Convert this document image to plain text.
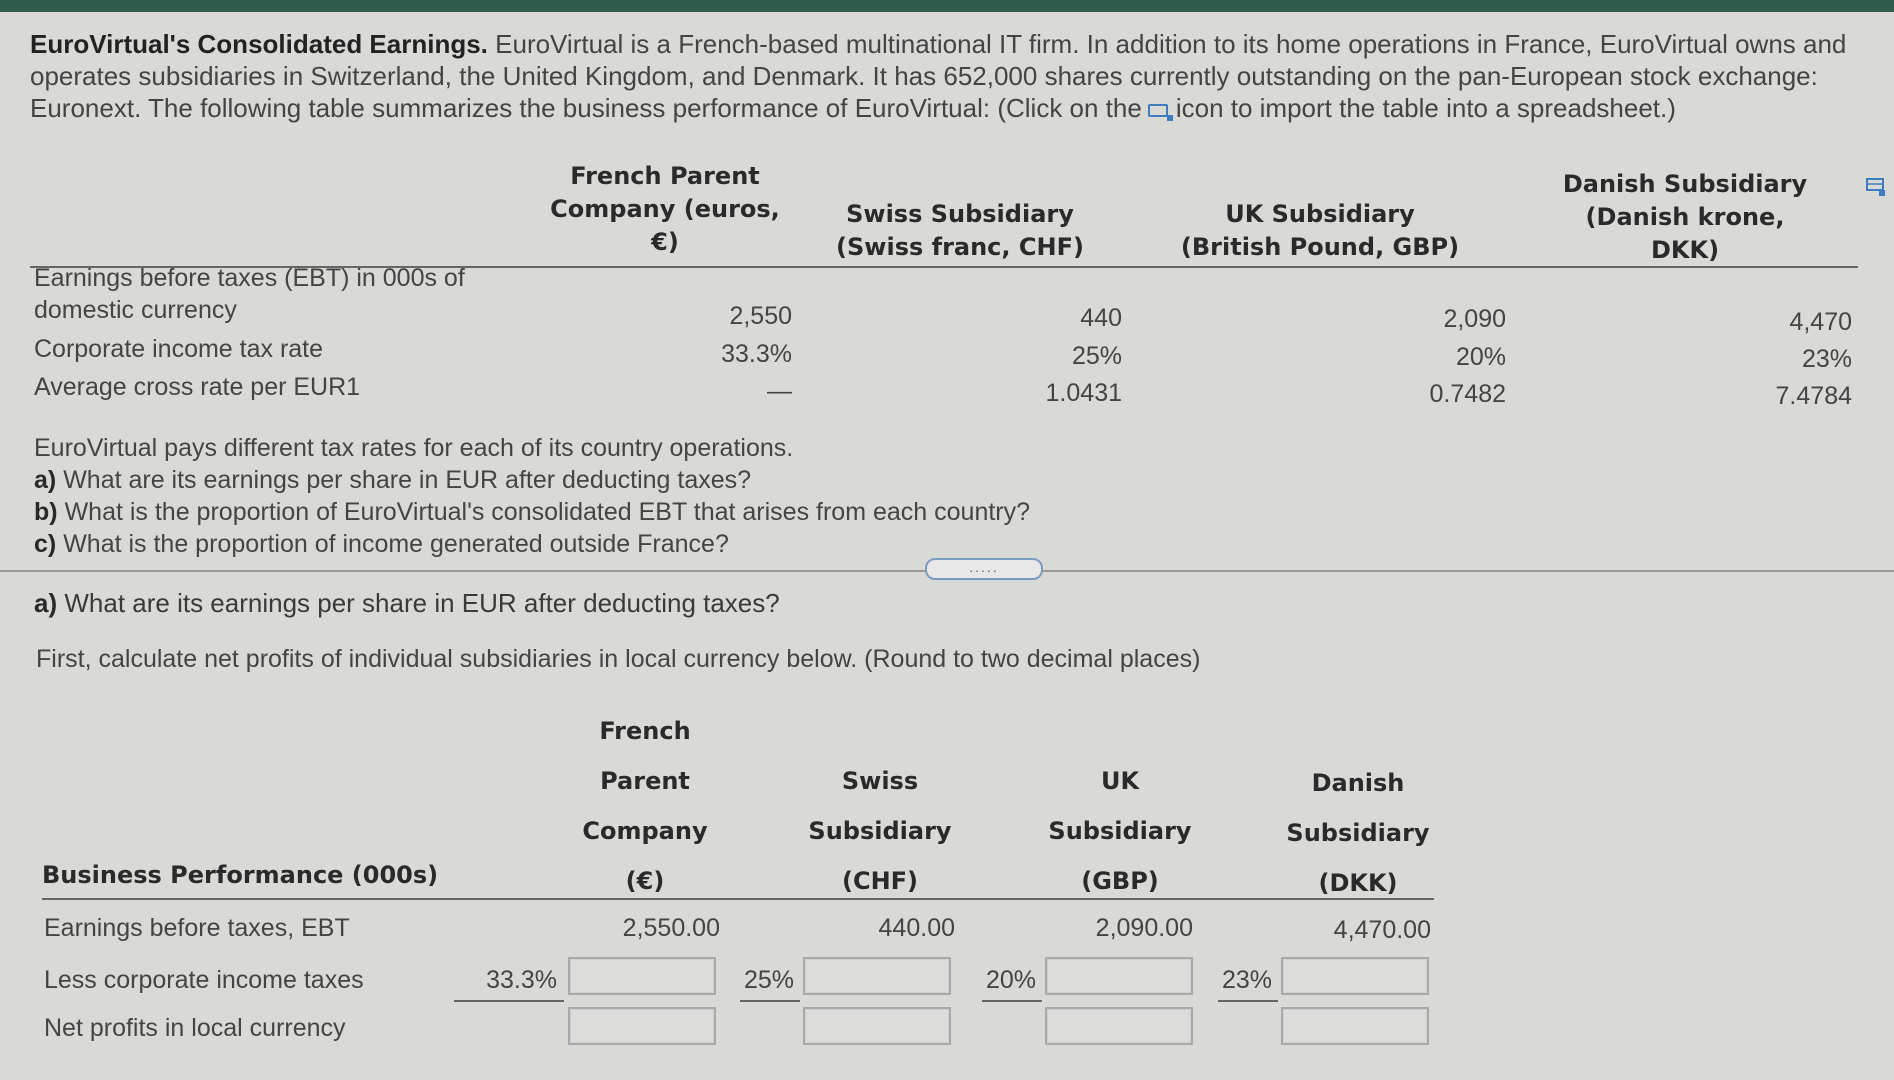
EuroVirtual's Consolidated Earnings. EuroVirtual is a French-based multinational IT firm. In addition to its home operations in France, EuroVirtual owns and operates subsidiaries in Switzerland, the United Kingdom, and Denmark. It has 652,000 shares currently outstanding on the pan-European stock exchange: Euronext. The following table summarizes the business performance of EuroVirtual: (Click on the icon to import the table into a spreadsheet.)
French Parent Company (euros, €)
Swiss Subsidiary (Swiss franc, CHF)
UK Subsidiary (British Pound, GBP)
Danish Subsidiary (Danish krone, DKK)
Earnings before taxes (EBT) in 000s of domestic currency	2,550	440	2,090	4,470
Corporate income tax rate	33.3%	25%	20%	23%
Average cross rate per EUR1	—	1.0431	0.7482	7.4784
EuroVirtual pays different tax rates for each of its country operations.
a) What are its earnings per share in EUR after deducting taxes?
b) What is the proportion of EuroVirtual's consolidated EBT that arises from each country?
c) What is the proportion of income generated outside France?
.....
a) What are its earnings per share in EUR after deducting taxes?
First, calculate net profits of individual subsidiaries in local currency below. (Round to two decimal places)
French
Parent
Company
(€)
Swiss
Subsidiary
(CHF)
UK
Subsidiary
(GBP)
Danish
Subsidiary
(DKK)
Business Performance (000s)
Earnings before taxes, EBT	2,550.00	440.00	2,090.00	4,470.00
Less corporate income taxes	33.3%	25%	20%	23%
Net profits in local currency
